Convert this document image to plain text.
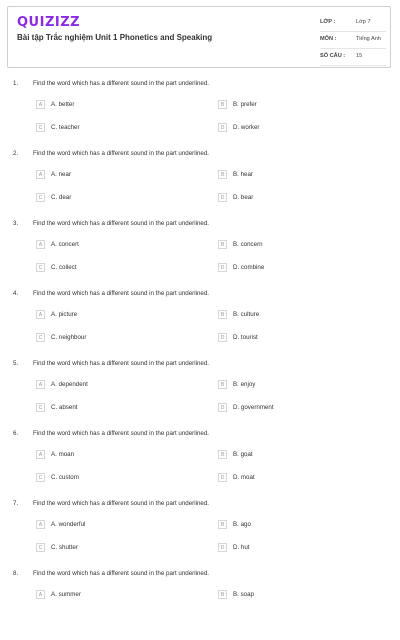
QUIZIZZ
Bài tập Trắc nghiệm Unit 1 Phonetics and Speaking
LỚP :	Lớp 7
MÔN :	Tiếng Anh
SỐ CÂU : 15
1. Find the word which has a different sound in the part underlined.
A	A. better	B	B. prefer
C	C. teacher	D	D. worker
2. Find the word which has a different sound in the part underlined.
A	A. near	B	B. hear
C	C. dear	D	D. bear
3. Find the word which has a different sound in the part underlined.
A	A. concert	B	B. concern
C	C. collect	D	D. combine
4. Find the word which has a different sound in the part underlined.
A	A. picture	B	B. culture
C	C. neighbour	D	D. tourist
5. Find the word which has a different sound in the part underlined.
A	A. dependent	B	B. enjoy
C	C. absent	D	D. government
6. Find the word which has a different sound in the part underlined.
A	A. moan	B	B. goat
C	C. custom	D	D. moat
7. Find the word which has a different sound in the part underlined.
A	A. wonderful	B	B. ago
C	C. shutter	D	D. hut
8. Find the word which has a different sound in the part underlined.
A	A. summer	B	B. soap
